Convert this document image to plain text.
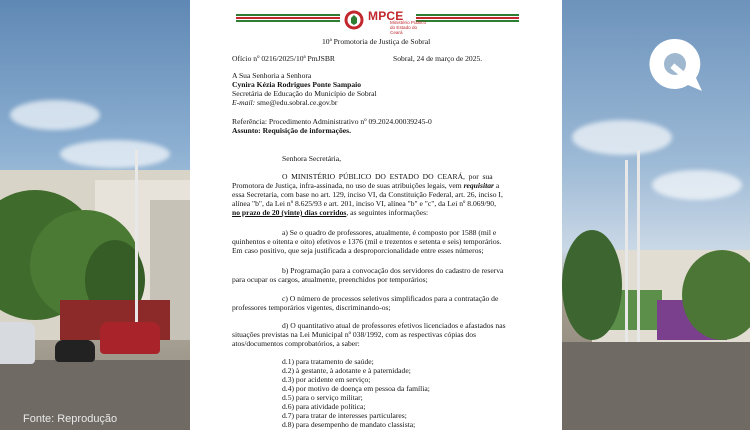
Fonte: Reprodução
MPCE
Ministério Público do Estado do Ceará
10ª Promotoria de Justiça de Sobral
Ofício nº 0216/2025/10ª PmJSBR	Sobral, 24 de março de 2025.
A Sua Senhoria a Senhora
Cynira Kézia Rodrigues Ponte Sampaio
Secretária de Educação do Município de Sobral
E-mail: sme@edu.sobral.ce.gov.br
Referência: Procedimento Administrativo nº 09.2024.00039245-0
Assunto: Requisição de informações.
Senhora Secretária,
O MINISTÉRIO PÚBLICO DO ESTADO DO CEARÁ, por sua
Promotora de Justiça, infra-assinada, no uso de suas atribuições legais, vem requisitar a
essa Secretaria, com base no art. 129, inciso VI, da Constituição Federal, art. 26, inciso I,
alínea "b", da Lei nº 8.625/93 e art. 201, inciso VI, alínea "b" e "c", da Lei nº 8.069/90,
no prazo de 20 (vinte) dias corridos, as seguintes informações:
a) Se o quadro de professores, atualmente, é composto por 1588 (mil e
quinhentos e oitenta e oito) efetivos e 1376 (mil e trezentos e setenta e seis) temporários.
Em caso positivo, que seja justificada a desproporcionalidade entre esses números;
b) Programação para a convocação dos servidores do cadastro de reserva
para ocupar os cargos, atualmente, preenchidos por temporários;
c) O número de processos seletivos simplificados para a contratação de
professores temporários vigentes, discriminando-os;
d) O quantitativo atual de professores efetivos licenciados e afastados nas
situações previstas na Lei Municipal nº 038/1992, com as respectivas cópias dos
atos/documentos comprobatórios, a saber:
d.1) para tratamento de saúde;
d.2) à gestante, à adotante e à paternidade;
d.3) por acidente em serviço;
d.4) por motivo de doença em pessoa da família;
d.5) para o serviço militar;
d.6) para atividade política;
d.7) para tratar de interesses particulares;
d.8) para desempenho de mandato classista;
